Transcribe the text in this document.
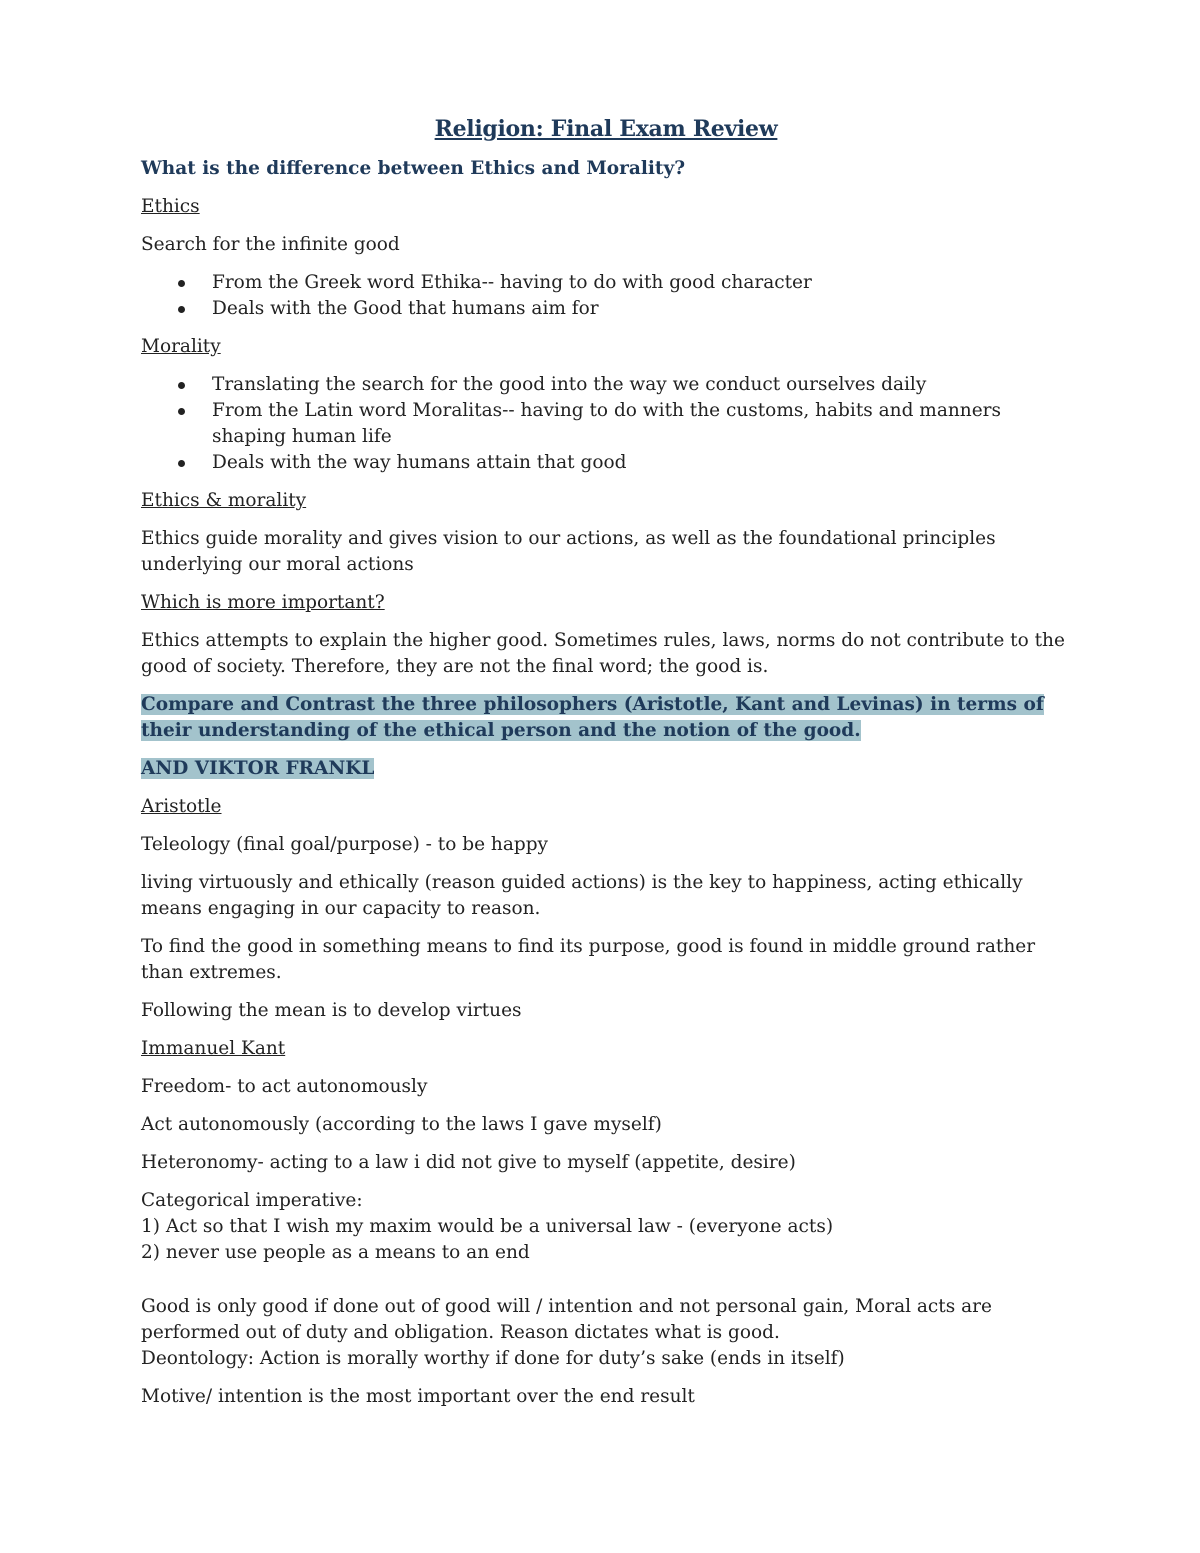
Religion: Final Exam Review

What is the difference between Ethics and Morality?

Ethics

Search for the infinite good

From the Greek word Ethika-- having to do with good character
Deals with the Good that humans aim for

Morality

Translating the search for the good into the way we conduct ourselves daily
From the Latin word Moralitas-- having to do with the customs, habits and manners shaping human life
Deals with the way humans attain that good

Ethics & morality

Ethics guide morality and gives vision to our actions, as well as the foundational principles underlying our moral actions

Which is more important?

Ethics attempts to explain the higher good. Sometimes rules, laws, norms do not contribute to the good of society. Therefore, they are not the final word; the good is.

Compare and Contrast the three philosophers (Aristotle, Kant and Levinas) in terms of their understanding of the ethical person and the notion of the good.

AND VIKTOR FRANKL

Aristotle

Teleology (final goal/purpose) - to be happy

living virtuously and ethically (reason guided actions) is the key to happiness, acting ethically means engaging in our capacity to reason.

To find the good in something means to find its purpose, good is found in middle ground rather than extremes.

Following the mean is to develop virtues

Immanuel Kant

Freedom- to act autonomously

Act autonomously (according to the laws I gave myself)

Heteronomy- acting to a law i did not give to myself (appetite, desire)

Categorical imperative:

1) Act so that I wish my maxim would be a universal law - (everyone acts)

2) never use people as a means to an end

Good is only good if done out of good will / intention and not personal gain, Moral acts are performed out of duty and obligation. Reason dictates what is good.

Deontology: Action is morally worthy if done for duty’s sake (ends in itself)

Motive/ intention is the most important over the end result
